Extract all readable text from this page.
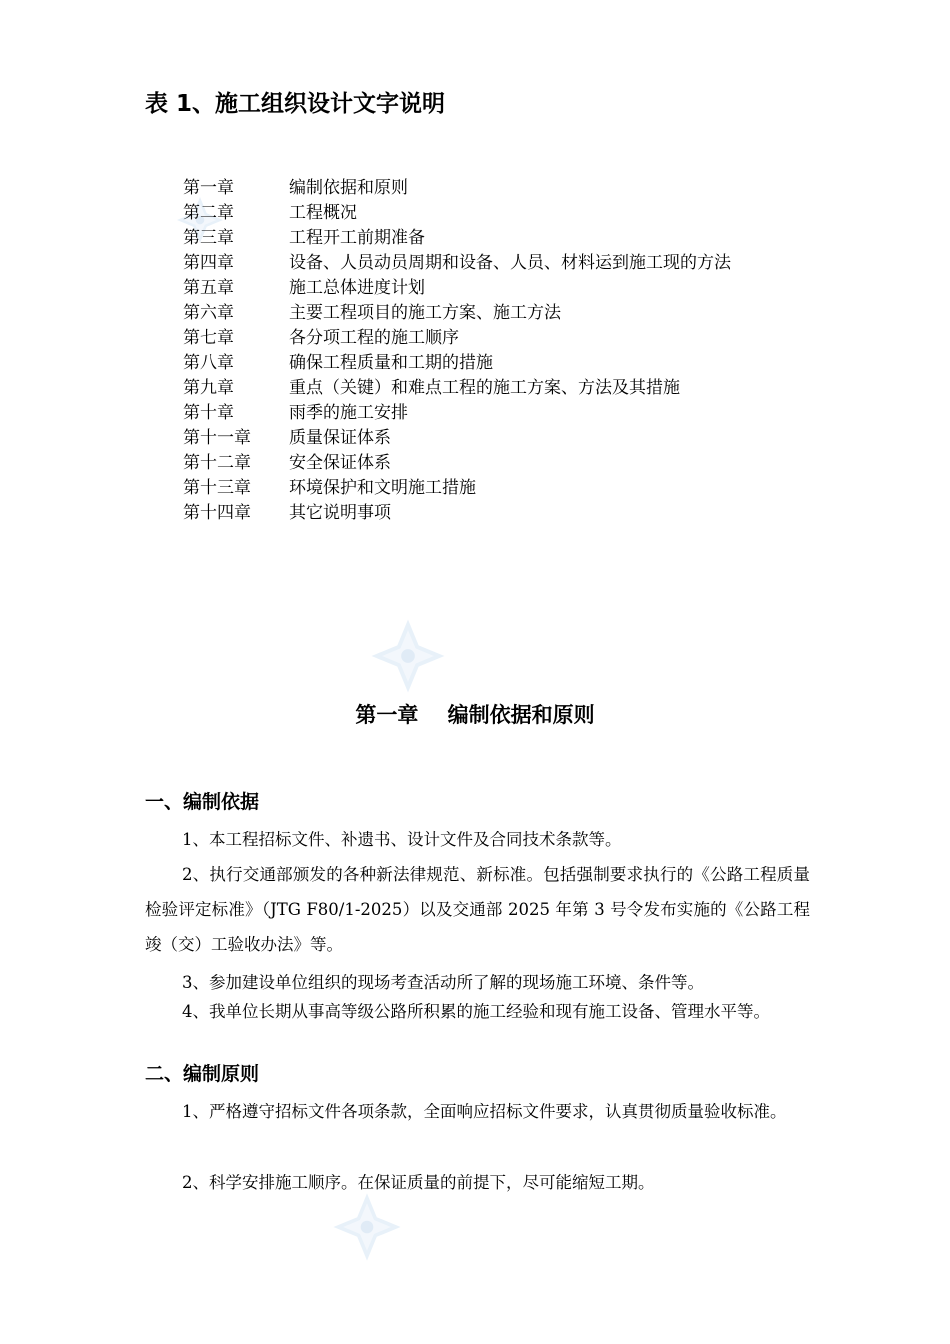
表 1、施工组织设计文字说明
第一章	编制依据和原则
第二章	工程概况
第三章	工程开工前期准备
第四章	设备、人员动员周期和设备、人员、材料运到施工现的方法
第五章	施工总体进度计划
第六章	主要工程项目的施工方案、施工方法
第七章	各分项工程的施工顺序
第八章	确保工程质量和工期的措施
第九章	重点（关键）和难点工程的施工方案、方法及其措施
第十章	雨季的施工安排
第十一章	质量保证体系
第十二章	安全保证体系
第十三章	环境保护和文明施工措施
第十四章	其它说明事项
第一章    编制依据和原则
一、编制依据

1、本工程招标文件、补遗书、设计文件及合同技术条款等。

2、执行交通部颁发的各种新法律规范、新标准。包括强制要求执行的《公路工程质量检验评定标准》（JTG F80/1-2025）以及交通部 2025 年第 3 号令发布实施的《公路工程竣（交）工验收办法》等。

3、参加建设单位组织的现场考查活动所了解的现场施工环境、条件等。

4、我单位长期从事高等级公路所积累的施工经验和现有施工设备、管理水平等。

二、编制原则

1、严格遵守招标文件各项条款，全面响应招标文件要求，认真贯彻质量验收标准。

2、科学安排施工顺序。在保证质量的前提下，尽可能缩短工期。
